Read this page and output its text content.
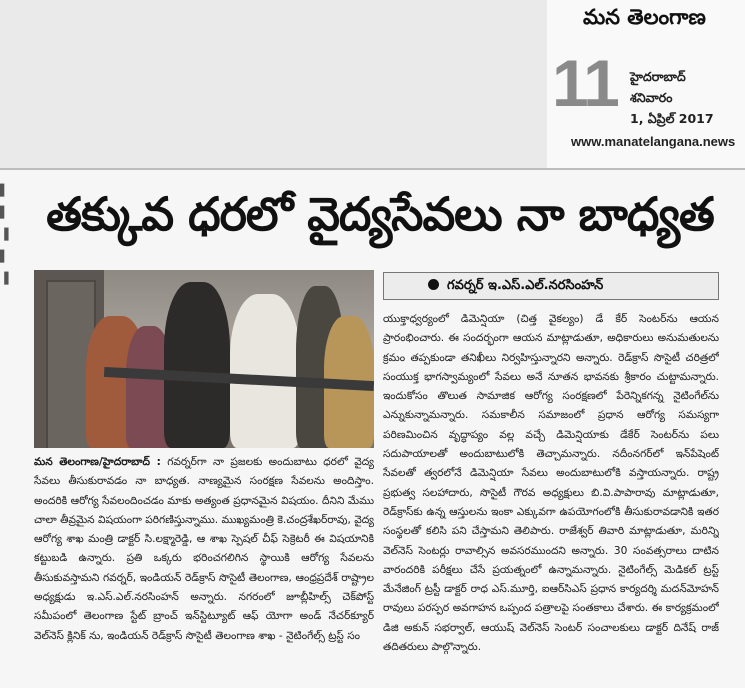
మన తెలంగాణ
11 హైదరాబాద్
శనివారం
1, ఏప్రిల్ 2017
www.manatelangana.news
▌
▌
▐
▌
▐
తక్కువ ధరలో వైద్యసేవలు నా బాధ్యత
గవర్నర్ ఇ.ఎస్.ఎల్.నరసింహన్

మన తెలంగాణ/హైదరాబాద్ : గవర్నర్‌గా నా ప్రజలకు అందుబాటు ధరలో వైద్య సేవలు తీసుకురావడం నా బాధ్యత. నాణ్యమైన సంరక్షణ సేవలను అందిస్తాం. అందరికి ఆరోగ్య సేవలందించడం మాకు అత్యంత ప్రధానమైన విషయం. దీనిని మేము చాలా తీవ్రమైన విషయంగా పరిగణిస్తున్నాము. ముఖ్యమంత్రి కె.చంద్రశేఖర్‌రావు, వైద్య ఆరోగ్య శాఖ మంత్రి డాక్టర్ సి.లక్ష్మారెడ్డి, ఆ శాఖ స్పెషల్ చీఫ్ సెక్రెటరీ ఈ విషయానికి కట్టుబడి ఉన్నారు. ప్రతి ఒక్కరు భరించగలిగిన స్థాయికి ఆరోగ్య సేవలను తీసుకువస్తామని గవర్నర్, ఇండియన్ రెడ్‌క్రాస్ సొసైటీ తెలంగాణ, ఆంధ్రప్రదేశ్ రాష్ట్రాల అధ్యక్షుడు ఇ.ఎస్.ఎల్.నరసింహన్ అన్నారు. నగరంలో జూబ్లీహిల్స్ చెక్‌పోస్ట్ సమీపంలో తెలంగాణ స్టేట్ బ్రాంచ్ ఇన్‌స్టిట్యూట్ ఆఫ్ యోగా అండ్ నేచర్‌క్యూర్ వెల్‌నెస్ క్లినిక్ ను, ఇండియన్ రెడ్‌క్రాస్ సొసైటీ తెలంగాణ శాఖ - నైటింగేల్స్ ట్రస్ట్ సం

యుక్తాధ్వర్యంలో డిమెన్షియా (చిత్త వైకల్యం) డే కేర్ సెంటర్‌ను ఆయన ప్రారంభించారు. ఈ సందర్భంగా ఆయన మాట్లాడుతూ, అధికారులు అనుమతులను క్రమం తప్పకుండా తనిఖీలు నిర్వహిస్తున్నారని అన్నారు. రెడ్‌క్రాస్ సొసైటీ చరిత్రలో సంయుక్త భాగస్వామ్యంలో సేవలు అనే నూతన భావనకు శ్రీకారం చుట్టామన్నారు. ఇందుకోసం తొలుత సామాజిక ఆరోగ్య సంరక్షణలో పేరెన్నికగన్న నైటింగేల్‌ను ఎన్నుకున్నామన్నారు. సమకాలీన సమాజంలో ప్రధాన ఆరోగ్య సమస్యగా పరిణమించిన వృద్ధాప్యం వల్ల వచ్చే డిమెన్షియాకు డేకేర్ సెంటర్‌ను పలు సదుపాయాలతో అందుబాటులోకి తెచ్చామన్నారు. నదీంనగర్‌లో ఇన్‌పేషెంట్ సేవలతో త్వరలోనే డిమెన్షియా సేవలు అందుబాటులోకి వస్తాయన్నారు. రాష్ట్ర ప్రభుత్వ సలహాదారు, సొసైటీ గౌరవ అధ్యక్షులు బి.వి.పాపారావు మాట్లాడుతూ, రెడ్‌క్రాస్‌కు ఉన్న ఆస్తులను ఇంకా ఎక్కువగా ఉపయోగంలోకి తీసుకురావడానికి ఇతర సంస్థలతో కలిసి పని చేస్తామని తెలిపారు. రాజేశ్వర్ తివారి మాట్లాడుతూ, మరిన్ని వెల్‌నెస్ సెంటర్లు రావాల్సిన అవసరముందని అన్నారు. 30 సంవత్సరాలు దాటిన వారందరికి పరీక్షలు చేసే ప్రయత్నంలో ఉన్నామన్నారు. నైటింగేల్స్ మెడికల్ ట్రస్ట్ మేనేజింగ్ ట్రస్టీ డాక్టర్ రాధ ఎస్.మూర్తి, ఐఆర్‌సిఎస్ ప్రధాన కార్యదర్శి మదన్‌మోహన్ రావులు పరస్పర అవగాహన ఒప్పంద పత్రాలపై సంతకాలు చేశారు. ఈ కార్యక్రమంలో డిజి అకున్ సభర్వాల్, ఆయుష్ వెల్‌నెస్ సెంటర్ సంచాలకులు డాక్టర్ దినేష్ రాజ్ తదితరులు పాల్గొన్నారు.
